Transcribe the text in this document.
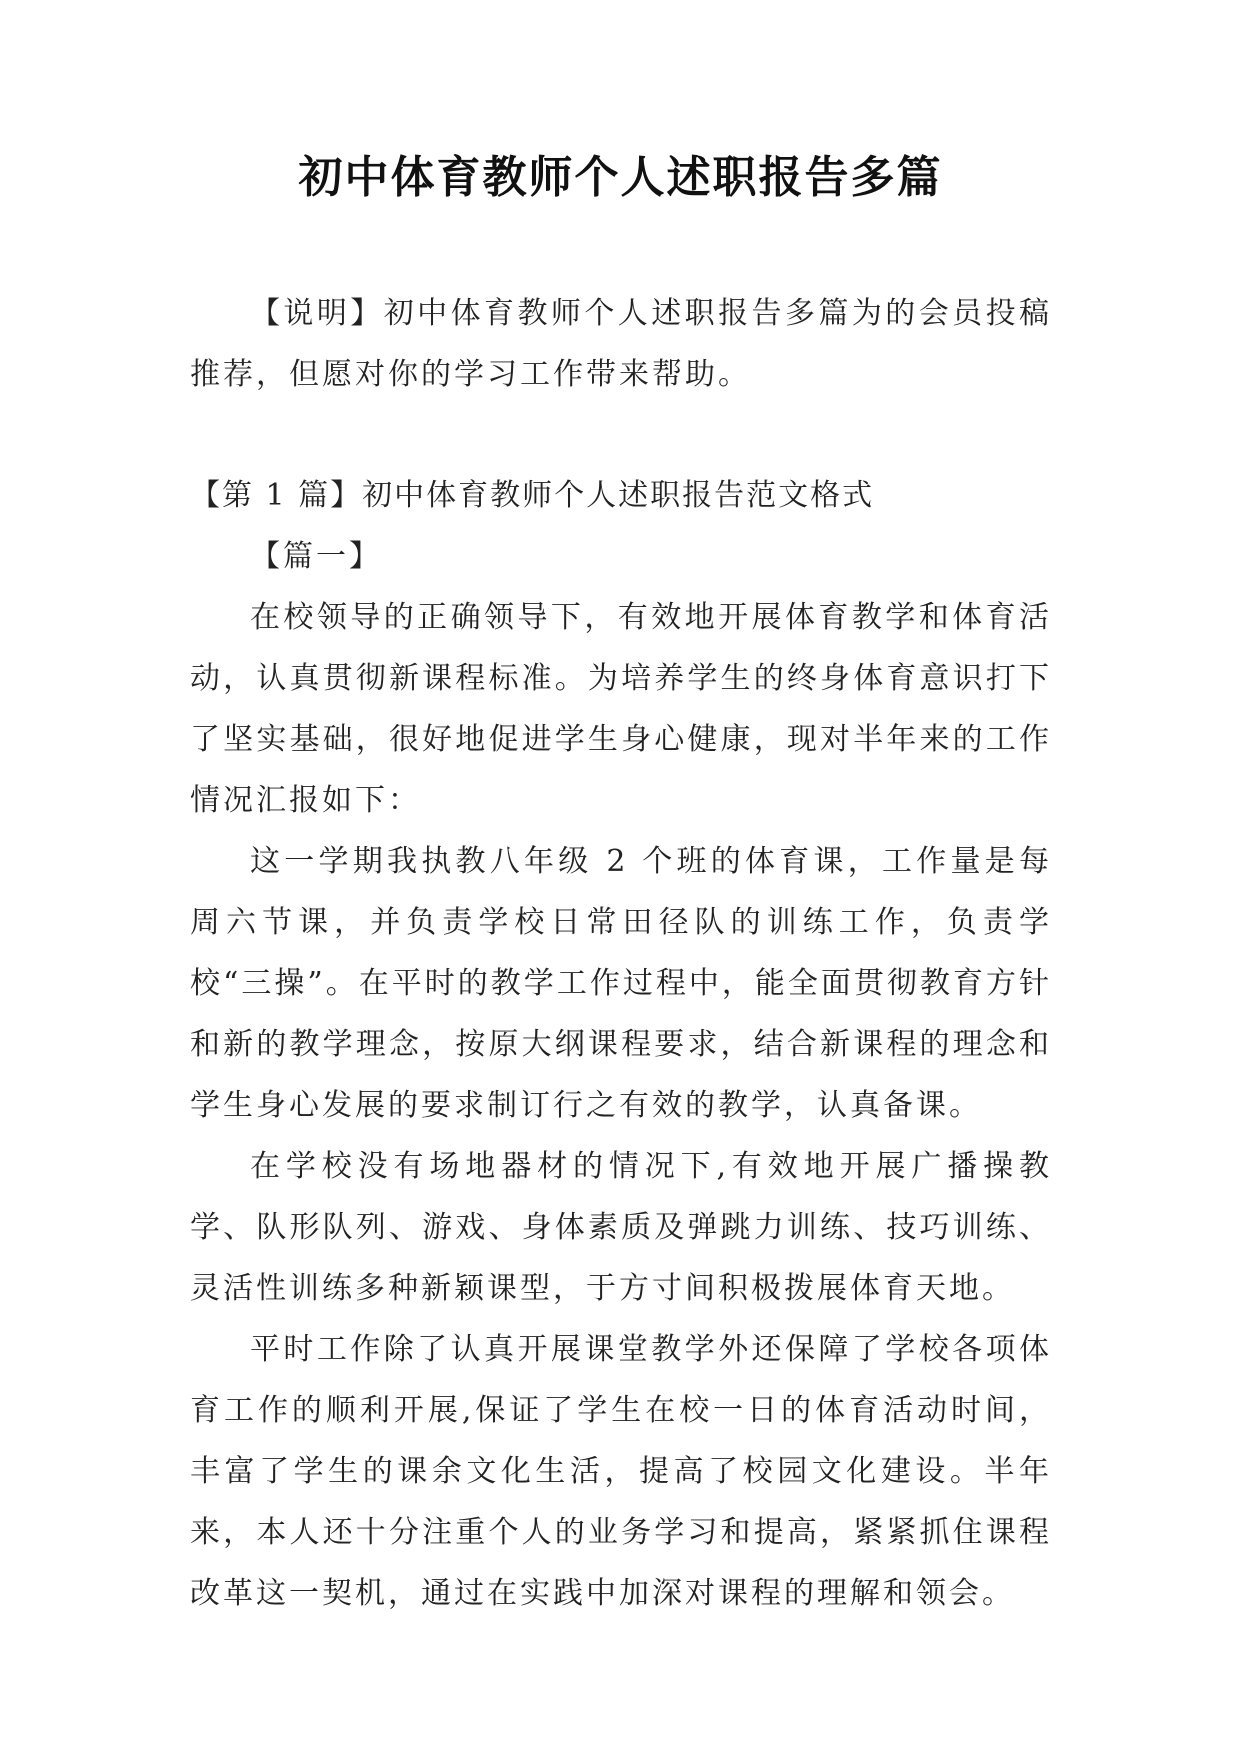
初中体育教师个人述职报告多篇

【说明】初中体育教师个人述职报告多篇为的会员投稿推荐，但愿对你的学习工作带来帮助。

【第 1 篇】初中体育教师个人述职报告范文格式

【篇一】

在校领导的正确领导下，有效地开展体育教学和体育活动，认真贯彻新课程标准。为培养学生的终身体育意识打下了坚实基础，很好地促进学生身心健康，现对半年来的工作情况汇报如下：

这一学期我执教八年级 2 个班的体育课，工作量是每周六节课，并负责学校日常田径队的训练工作，负责学校“三操”。在平时的教学工作过程中，能全面贯彻教育方针和新的教学理念，按原大纲课程要求，结合新课程的理念和学生身心发展的要求制订行之有效的教学，认真备课。

在学校没有场地器材的情况下,有效地开展广播操教学、队形队列、游戏、身体素质及弹跳力训练、技巧训练、灵活性训练多种新颖课型，于方寸间积极拨展体育天地。

平时工作除了认真开展课堂教学外还保障了学校各项体育工作的顺利开展,保证了学生在校一日的体育活动时间，丰富了学生的课余文化生活，提高了校园文化建设。半年来，本人还十分注重个人的业务学习和提高，紧紧抓住课程改革这一契机，通过在实践中加深对课程的理解和领会。
